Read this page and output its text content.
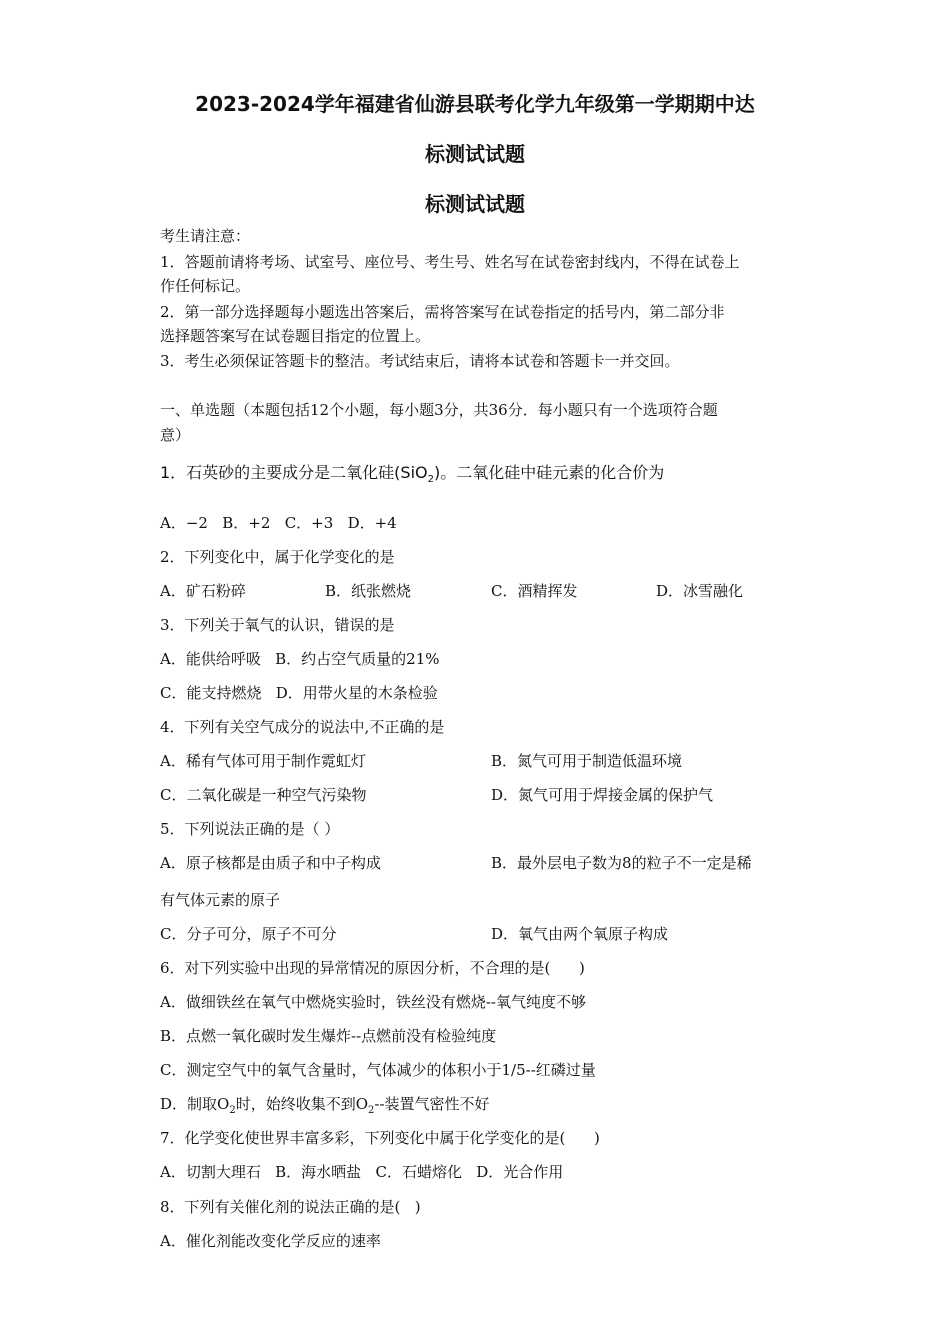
2023-2024学年福建省仙游县联考化学九年级第一学期期中达
标测试试题
标测试试题
考生请注意：
1．答题前请将考场、试室号、座位号、考生号、姓名写在试卷密封线内，不得在试卷上
作任何标记。
2．第一部分选择题每小题选出答案后，需将答案写在试卷指定的括号内，第二部分非
选择题答案写在试卷题目指定的位置上。
3．考生必须保证答题卡的整洁。考试结束后，请将本试卷和答题卡一并交回。
一、单选题（本题包括12个小题，每小题3分，共36分．每小题只有一个选项符合题
意）
1．石英砂的主要成分是二氧化硅(SiO$_2$)。二氧化硅中硅元素的化合价为
A．−2   B．+2   C．+3   D．+4
2．下列变化中，属于化学变化的是
A．矿石粉碎	B．纸张燃烧	C．酒精挥发	D．冰雪融化
3．下列关于氧气的认识，错误的是
A．能供给呼吸   B．约占空气质量的21%
C．能支持燃烧   D．用带火星的木条检验
4．下列有关空气成分的说法中,不正确的是
A．稀有气体可用于制作霓虹灯	B．氮气可用于制造低温环境
C．二氧化碳是一种空气污染物	D．氮气可用于焊接金属的保护气
5．下列说法正确的是（ ）
A．原子核都是由质子和中子构成	B．最外层电子数为8的粒子不一定是稀
有气体元素的原子
C．分子可分，原子不可分	D．氧气由两个氧原子构成
6．对下列实验中出现的异常情况的原因分析，不合理的是(      )
A．做细铁丝在氧气中燃烧实验时，铁丝没有燃烧--氧气纯度不够
B．点燃一氧化碳时发生爆炸--点燃前没有检验纯度
C．测定空气中的氧气含量时，气体减少的体积小于1/5--红磷过量
D．制取$O_2$时，始终收集不到$O_2--$装置气密性不好
7．化学变化使世界丰富多彩，下列变化中属于化学变化的是(      )
A．切割大理石   B．海水晒盐   C．石蜡熔化   D．光合作用
8．下列有关催化剂的说法正确的是(   )
A．催化剂能改变化学反应的速率
